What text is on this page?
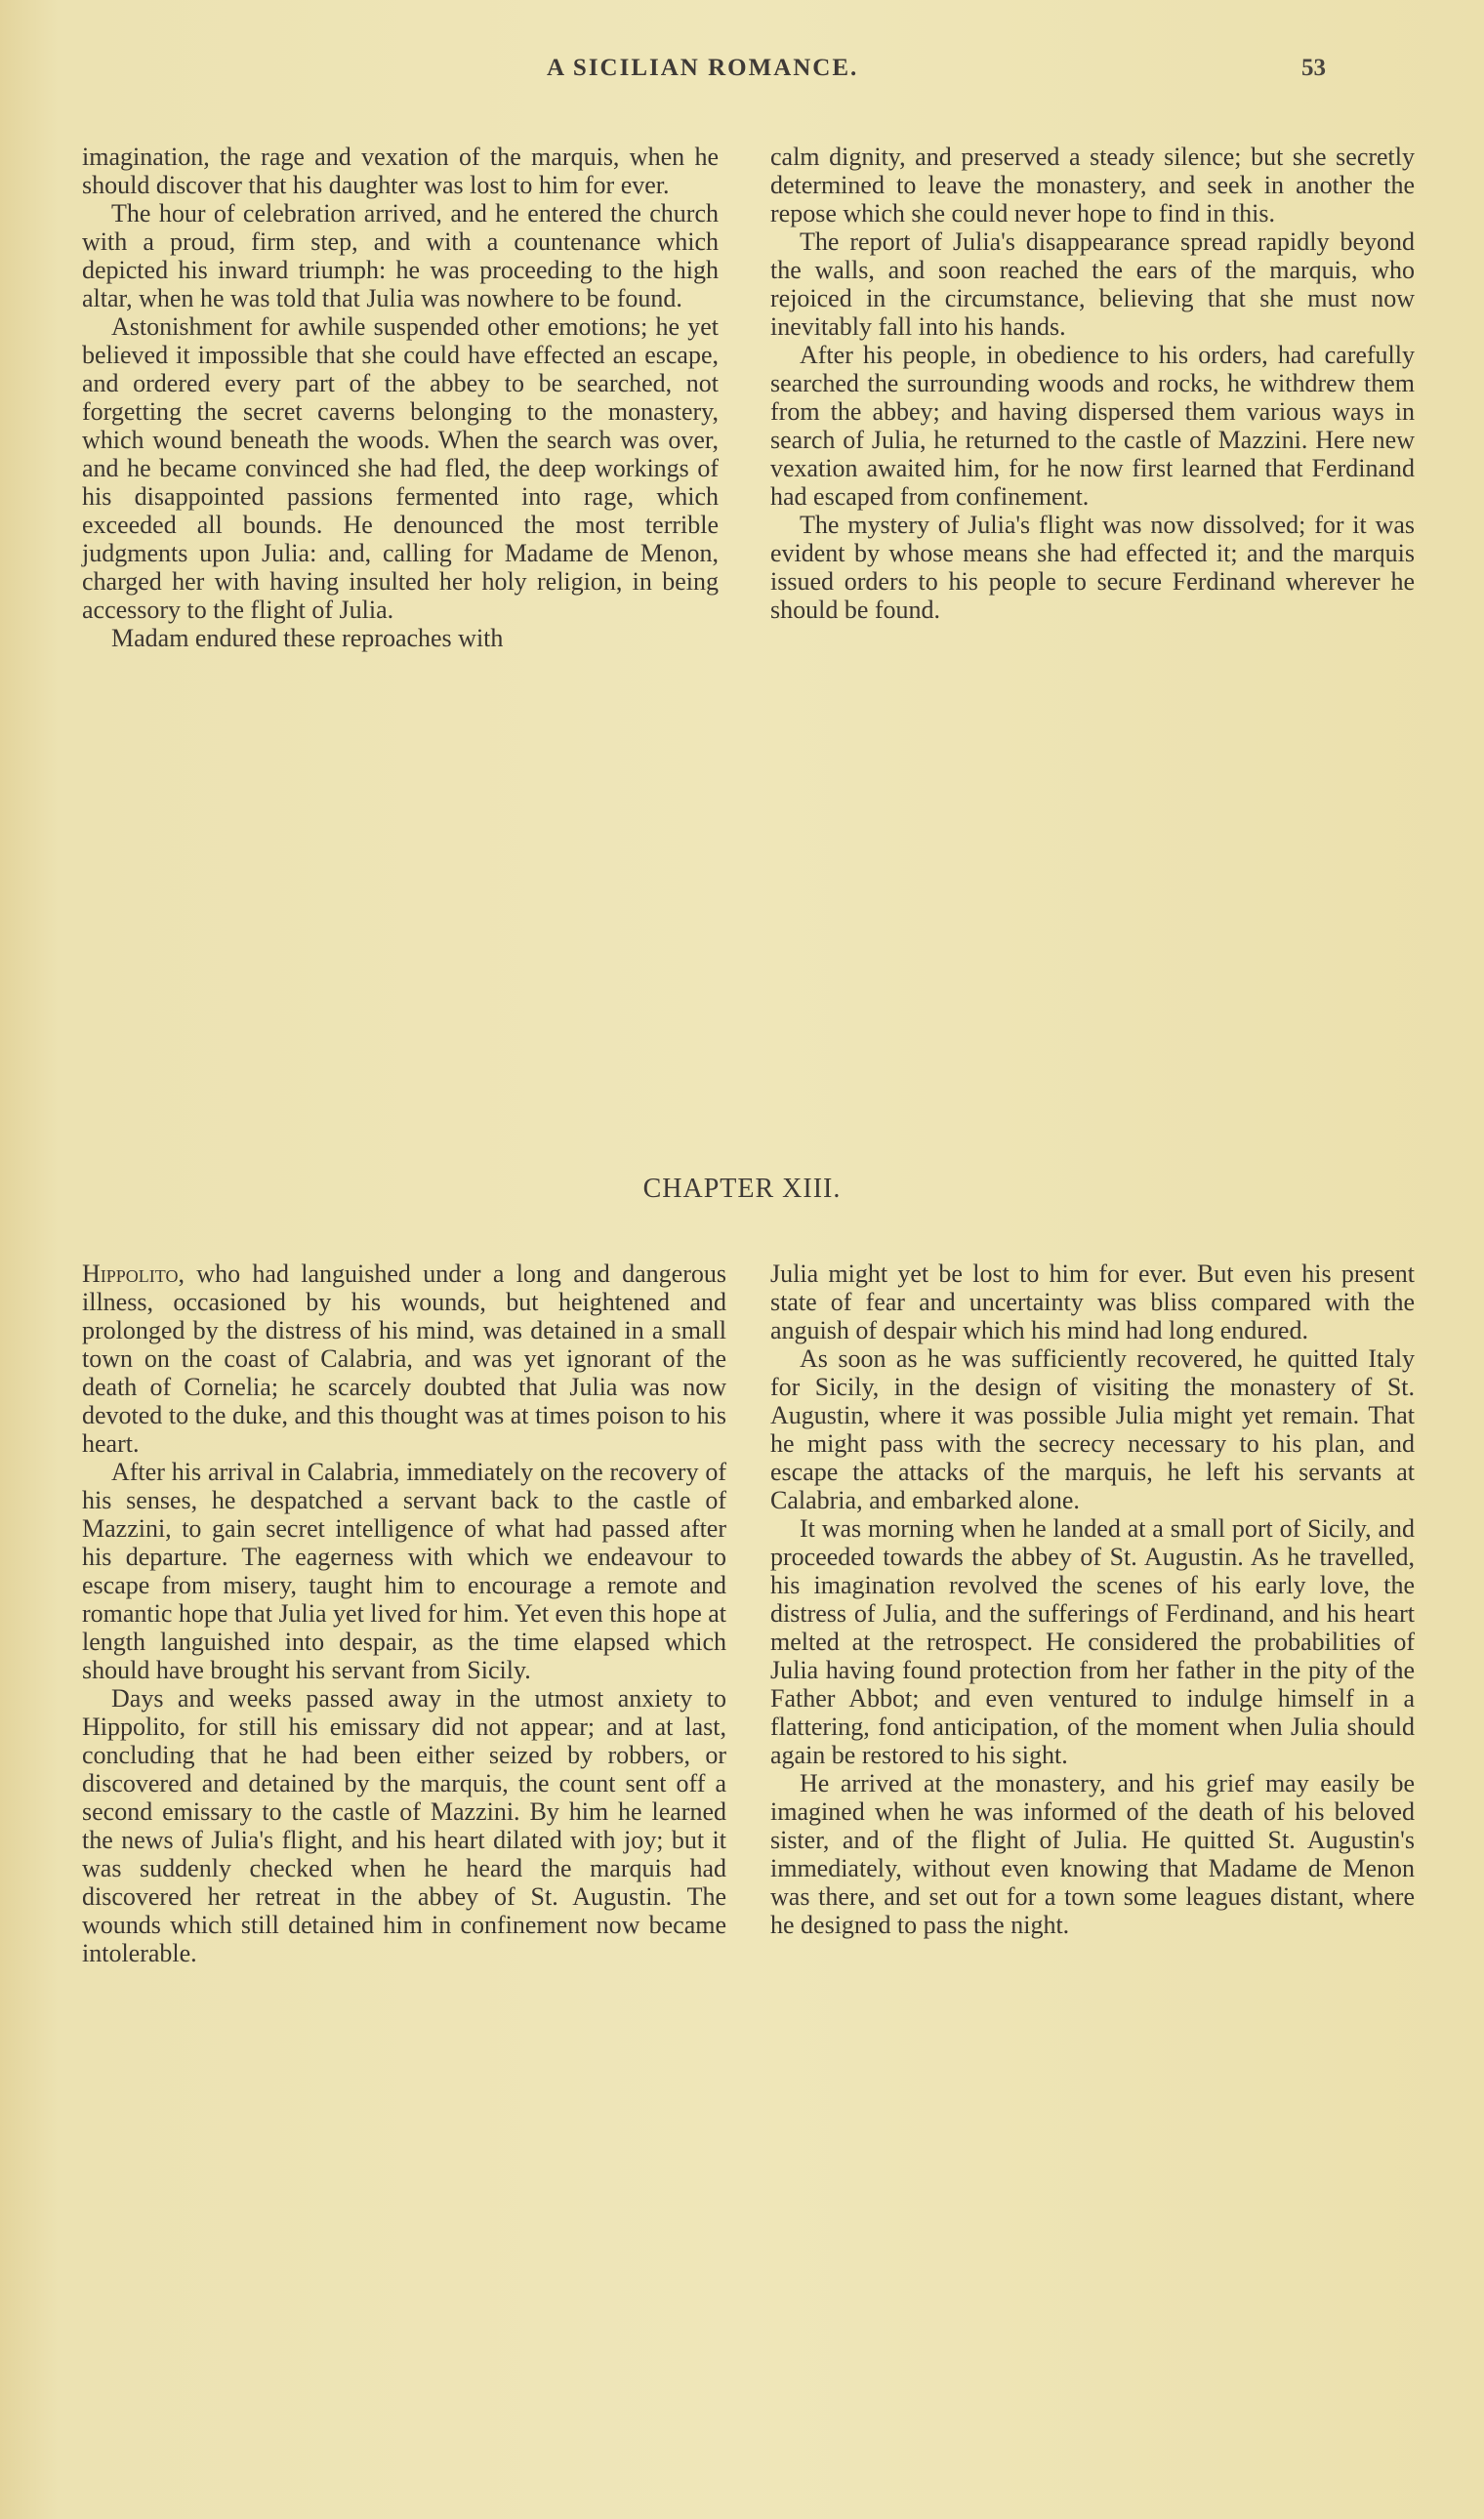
A SICILIAN ROMANCE.	53

imagination, the rage and vexation of the marquis, when he should discover that his daughter was lost to him for ever.

The hour of celebration arrived, and he entered the church with a proud, firm step, and with a countenance which depicted his inward triumph: he was proceeding to the high altar, when he was told that Julia was nowhere to be found.

Astonishment for awhile suspended other emotions; he yet believed it impossible that she could have effected an escape, and ordered every part of the abbey to be searched, not forgetting the secret caverns belonging to the monastery, which wound beneath the woods. When the search was over, and he became convinced she had fled, the deep workings of his disappointed passions fermented into rage, which exceeded all bounds. He denounced the most terrible judgments upon Julia: and, calling for Madame de Menon, charged her with having insulted her holy religion, in being accessory to the flight of Julia.

Madam endured these reproaches with

calm dignity, and preserved a steady silence; but she secretly determined to leave the monastery, and seek in another the repose which she could never hope to find in this.

The report of Julia's disappearance spread rapidly beyond the walls, and soon reached the ears of the marquis, who rejoiced in the circumstance, believing that she must now inevitably fall into his hands.

After his people, in obedience to his orders, had carefully searched the surrounding woods and rocks, he withdrew them from the abbey; and having dispersed them various ways in search of Julia, he returned to the castle of Mazzini. Here new vexation awaited him, for he now first learned that Ferdinand had escaped from confinement.

The mystery of Julia's flight was now dissolved; for it was evident by whose means she had effected it; and the marquis issued orders to his people to secure Ferdinand wherever he should be found.

CHAPTER XIII.

Hippolito, who had languished under a long and dangerous illness, occasioned by his wounds, but heightened and prolonged by the distress of his mind, was detained in a small town on the coast of Calabria, and was yet ignorant of the death of Cornelia; he scarcely doubted that Julia was now devoted to the duke, and this thought was at times poison to his heart.

After his arrival in Calabria, immediately on the recovery of his senses, he despatched a servant back to the castle of Mazzini, to gain secret intelligence of what had passed after his departure. The eagerness with which we endeavour to escape from misery, taught him to encourage a remote and romantic hope that Julia yet lived for him. Yet even this hope at length languished into despair, as the time elapsed which should have brought his servant from Sicily.

Days and weeks passed away in the utmost anxiety to Hippolito, for still his emissary did not appear; and at last, concluding that he had been either seized by robbers, or discovered and detained by the marquis, the count sent off a second emissary to the castle of Mazzini. By him he learned the news of Julia's flight, and his heart dilated with joy; but it was suddenly checked when he heard the marquis had discovered her retreat in the abbey of St. Augustin. The wounds which still detained him in confinement now became intolerable.

Julia might yet be lost to him for ever. But even his present state of fear and uncertainty was bliss compared with the anguish of despair which his mind had long endured.

As soon as he was sufficiently recovered, he quitted Italy for Sicily, in the design of visiting the monastery of St. Augustin, where it was possible Julia might yet remain. That he might pass with the secrecy necessary to his plan, and escape the attacks of the marquis, he left his servants at Calabria, and embarked alone.

It was morning when he landed at a small port of Sicily, and proceeded towards the abbey of St. Augustin. As he travelled, his imagination revolved the scenes of his early love, the distress of Julia, and the sufferings of Ferdinand, and his heart melted at the retrospect. He considered the probabilities of Julia having found protection from her father in the pity of the Father Abbot; and even ventured to indulge himself in a flattering, fond anticipation, of the moment when Julia should again be restored to his sight.

He arrived at the monastery, and his grief may easily be imagined when he was informed of the death of his beloved sister, and of the flight of Julia. He quitted St. Augustin's immediately, without even knowing that Madame de Menon was there, and set out for a town some leagues distant, where he designed to pass the night.
